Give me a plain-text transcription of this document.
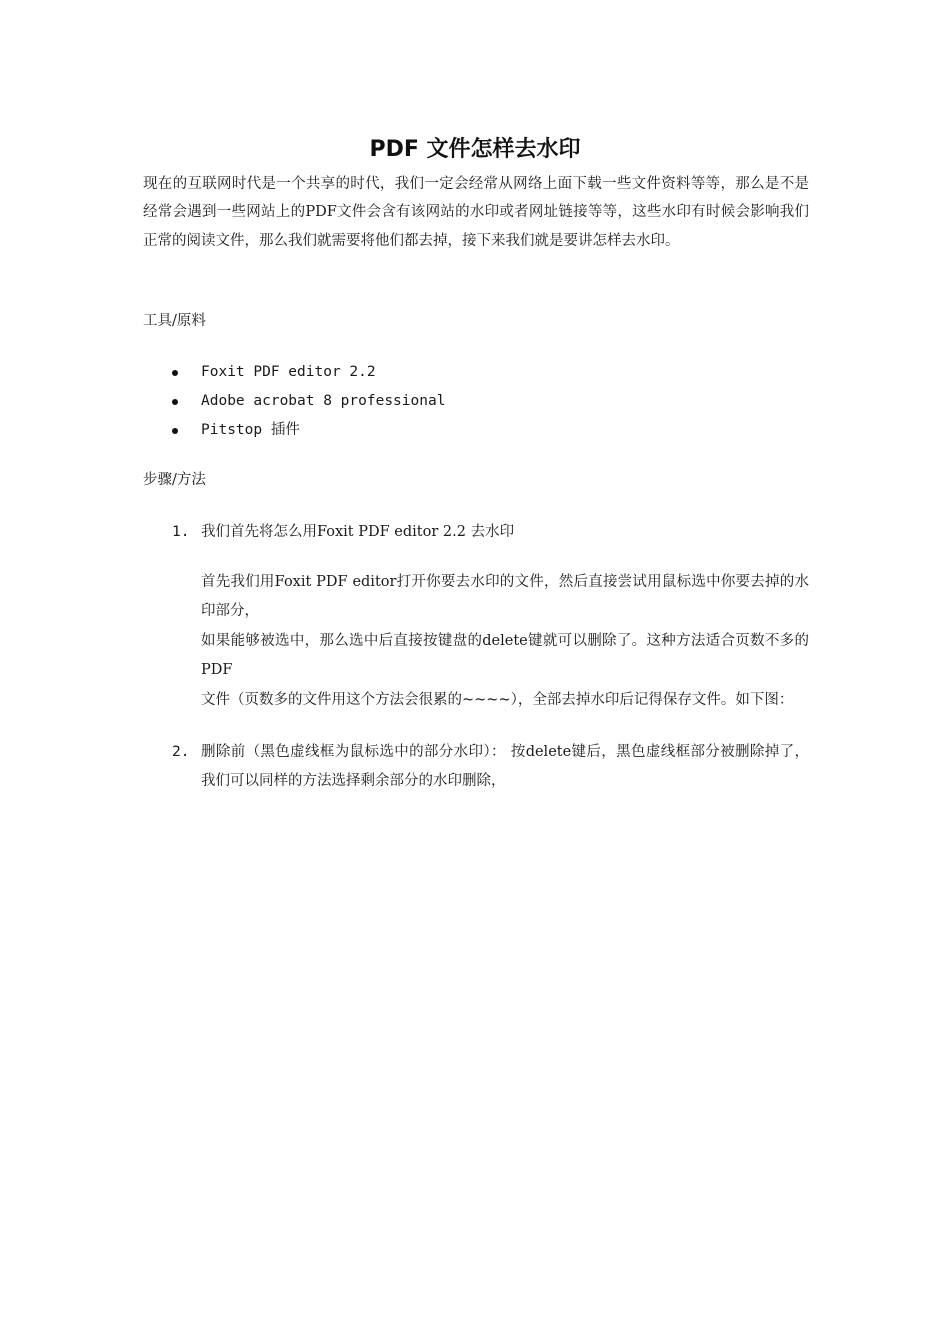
PDF 文件怎样去水印

现在的互联网时代是一个共享的时代，我们一定会经常从网络上面下载一些文件资料等等，那么是不是经常会遇到一些网站上的PDF文件会含有该网站的水印或者网址链接等等，这些水印有时候会影响我们正常的阅读文件，那么我们就需要将他们都去掉，接下来我们就是要讲怎样去水印。

工具/原料

Foxit PDF editor 2.2
Adobe acrobat 8 professional
Pitstop 插件

步骤/方法

1. 我们首先将怎么用Foxit PDF editor 2.2 去水印

首先我们用Foxit PDF editor打开你要去水印的文件，然后直接尝试用鼠标选中你要去掉的水印部分，

如果能够被选中，那么选中后直接按键盘的delete键就可以删除了。这种方法适合页数不多的PDF

文件（页数多的文件用这个方法会很累的~~~~），全部去掉水印后记得保存文件。如下图：

2. 删除前（黑色虚线框为鼠标选中的部分水印）： 按delete键后，黑色虚线框部分被删除掉了，我们可以同样的方法选择剩余部分的水印删除，
